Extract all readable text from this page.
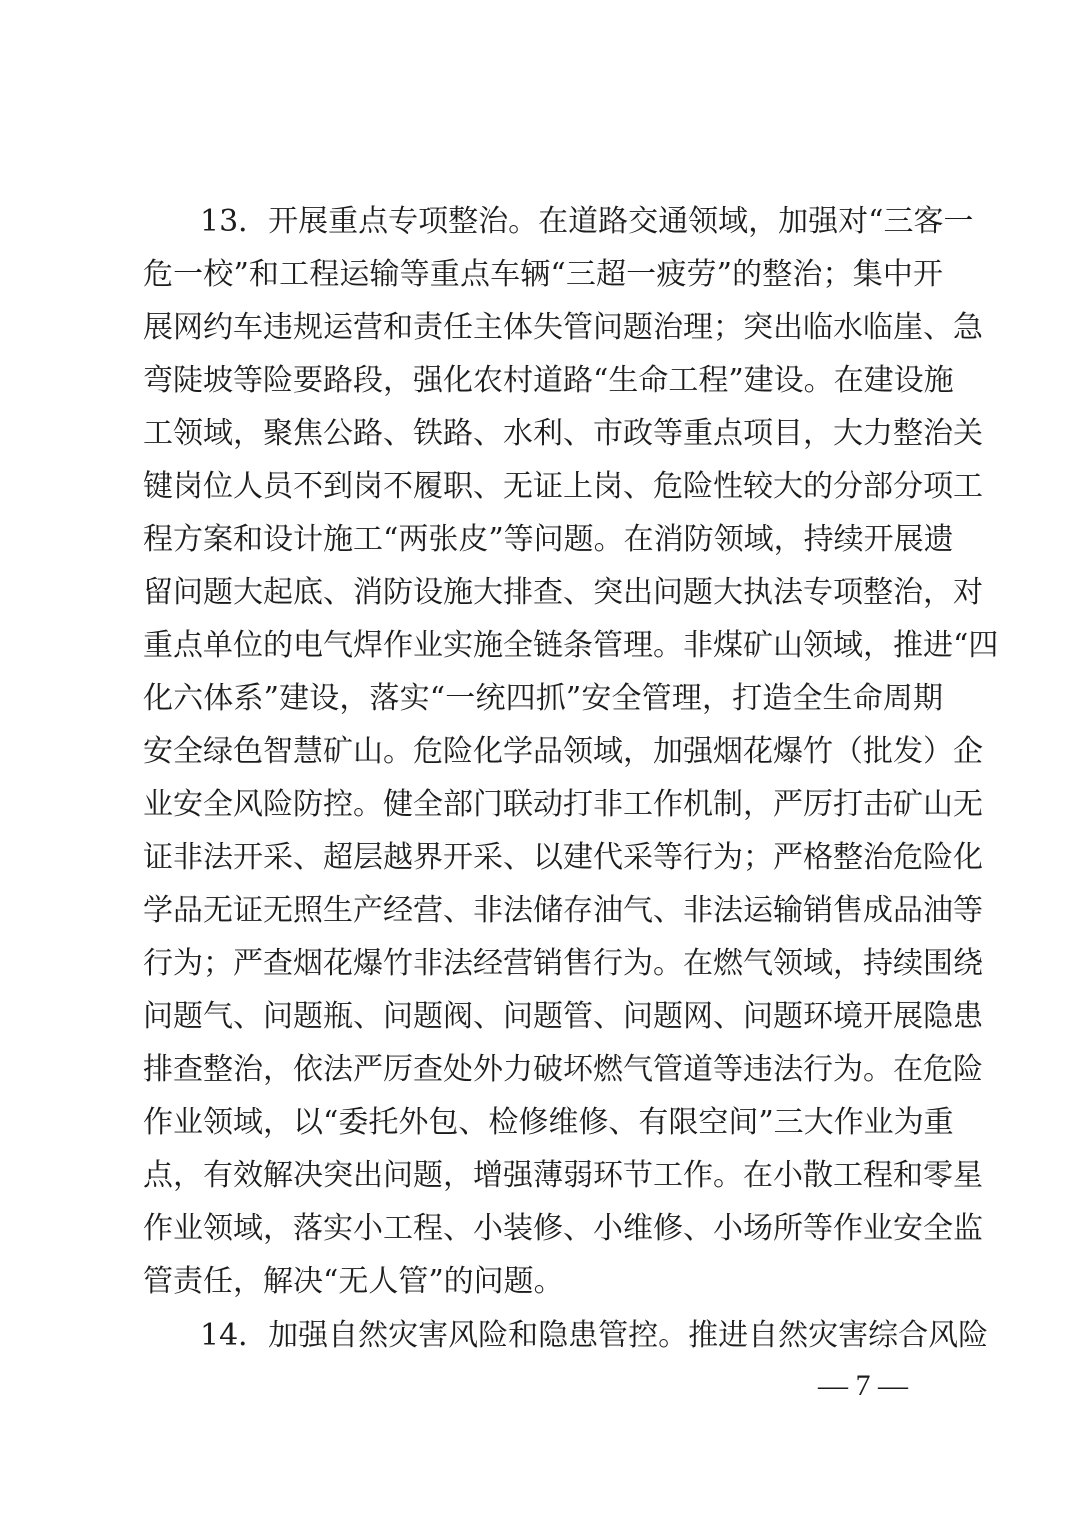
13．开展重点专项整治。在道路交通领域，加强对“三客一
危一校”和工程运输等重点车辆“三超一疲劳”的整治；集中开
展网约车违规运营和责任主体失管问题治理；突出临水临崖、急
弯陡坡等险要路段，强化农村道路“生命工程”建设。在建设施
工领域，聚焦公路、铁路、水利、市政等重点项目，大力整治关
键岗位人员不到岗不履职、无证上岗、危险性较大的分部分项工
程方案和设计施工“两张皮”等问题。在消防领域，持续开展遗
留问题大起底、消防设施大排查、突出问题大执法专项整治，对
重点单位的电气焊作业实施全链条管理。非煤矿山领域，推进“四
化六体系”建设，落实“一统四抓”安全管理，打造全生命周期
安全绿色智慧矿山。危险化学品领域，加强烟花爆竹（批发）企
业安全风险防控。健全部门联动打非工作机制，严厉打击矿山无
证非法开采、超层越界开采、以建代采等行为；严格整治危险化
学品无证无照生产经营、非法储存油气、非法运输销售成品油等
行为；严查烟花爆竹非法经营销售行为。在燃气领域，持续围绕
问题气、问题瓶、问题阀、问题管、问题网、问题环境开展隐患
排查整治，依法严厉查处外力破坏燃气管道等违法行为。在危险
作业领域，以“委托外包、检修维修、有限空间”三大作业为重
点，有效解决突出问题，增强薄弱环节工作。在小散工程和零星
作业领域，落实小工程、小装修、小维修、小场所等作业安全监
管责任，解决“无人管”的问题。
14．加强自然灾害风险和隐患管控。推进自然灾害综合风险
— 7 —
